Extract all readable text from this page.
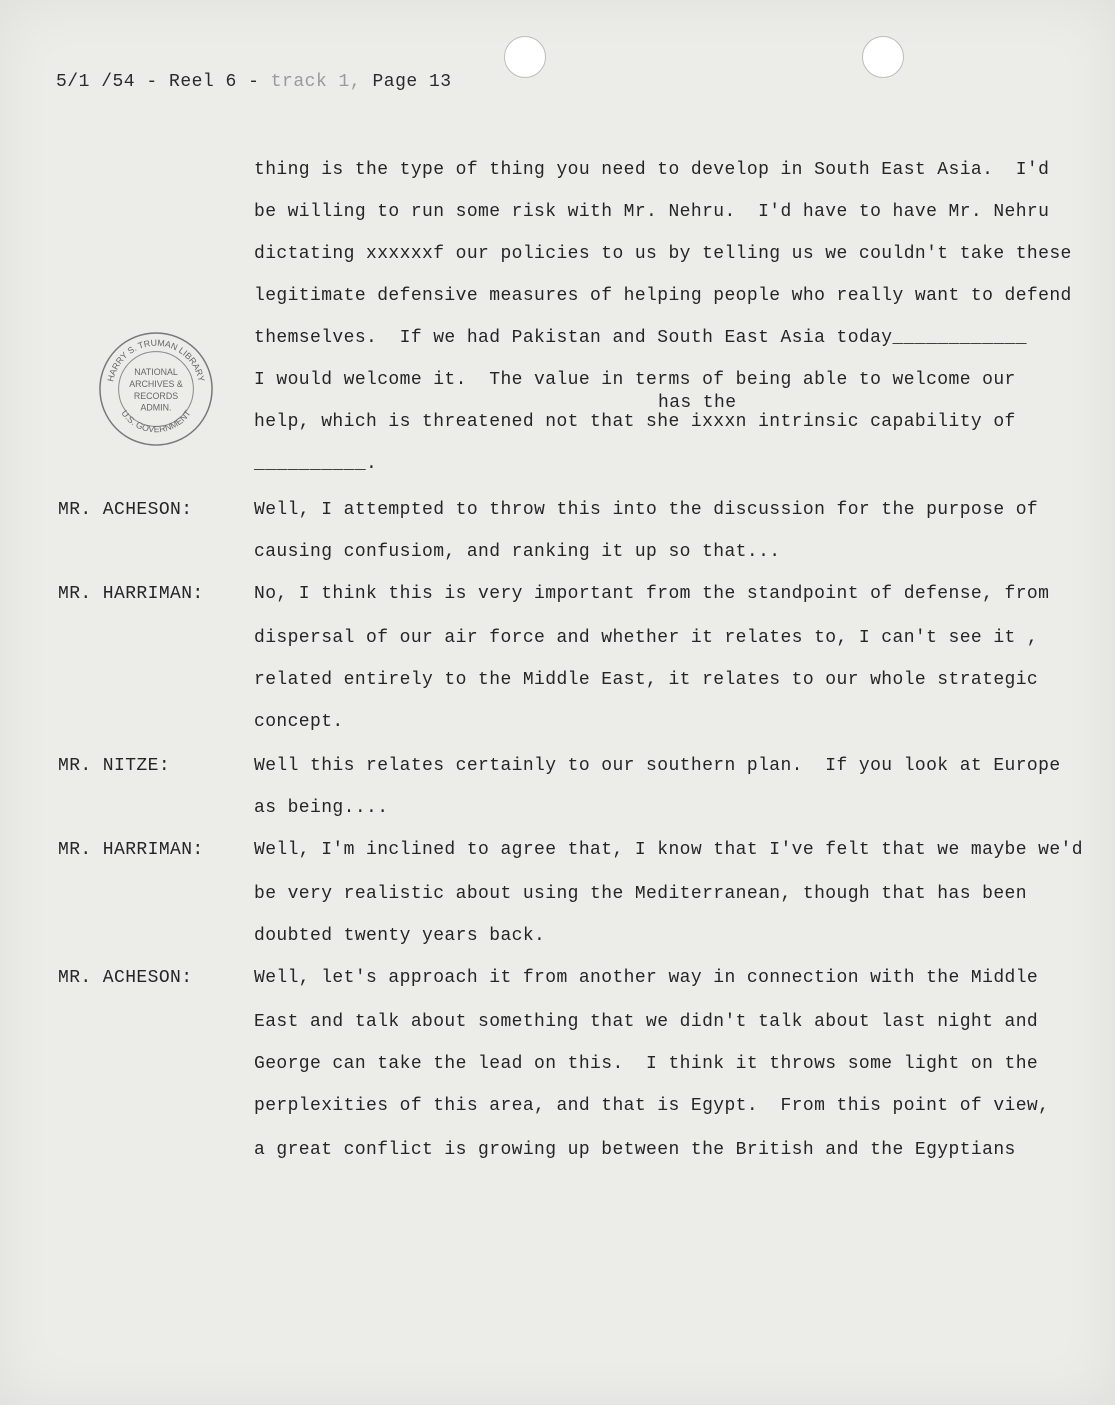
5/1 /54 - Reel 6 - track 1, Page 13
HARRY S. TRUMAN LIBRARY
U.S. GOVERNMENT
NATIONAL
ARCHIVES &
RECORDS
ADMIN.
thing is the type of thing you need to develop in South East Asia.  I'd
be willing to run some risk with Mr. Nehru.  I'd have to have Mr. Nehru
dictating xxxxxxf our policies to us by telling us we couldn't take these
legitimate defensive measures of helping people who really want to defend
themselves.  If we had Pakistan and South East Asia today____________
I would welcome it.  The value in terms of being able to welcome our
has the
help, which is threatened not that she ixxxn intrinsic capability of
__________.
MR. ACHESON:	Well, I attempted to throw this into the discussion for the purpose of
causing confusiom, and ranking it up so that...
MR. HARRIMAN:	No, I think this is very important from the standpoint of defense, from
dispersal of our air force and whether it relates to, I can't see it ,
related entirely to the Middle East, it relates to our whole strategic
concept.
MR. NITZE:	Well this relates certainly to our southern plan.  If you look at Europe
as being....
MR. HARRIMAN:	Well, I'm inclined to agree that, I know that I've felt that we maybe we'd
be very realistic about using the Mediterranean, though that has been
doubted twenty years back.
MR. ACHESON:	Well, let's approach it from another way in connection with the Middle
East and talk about something that we didn't talk about last night and
George can take the lead on this.  I think it throws some light on the
perplexities of this area, and that is Egypt.  From this point of view,
a great conflict is growing up between the British and the Egyptians
